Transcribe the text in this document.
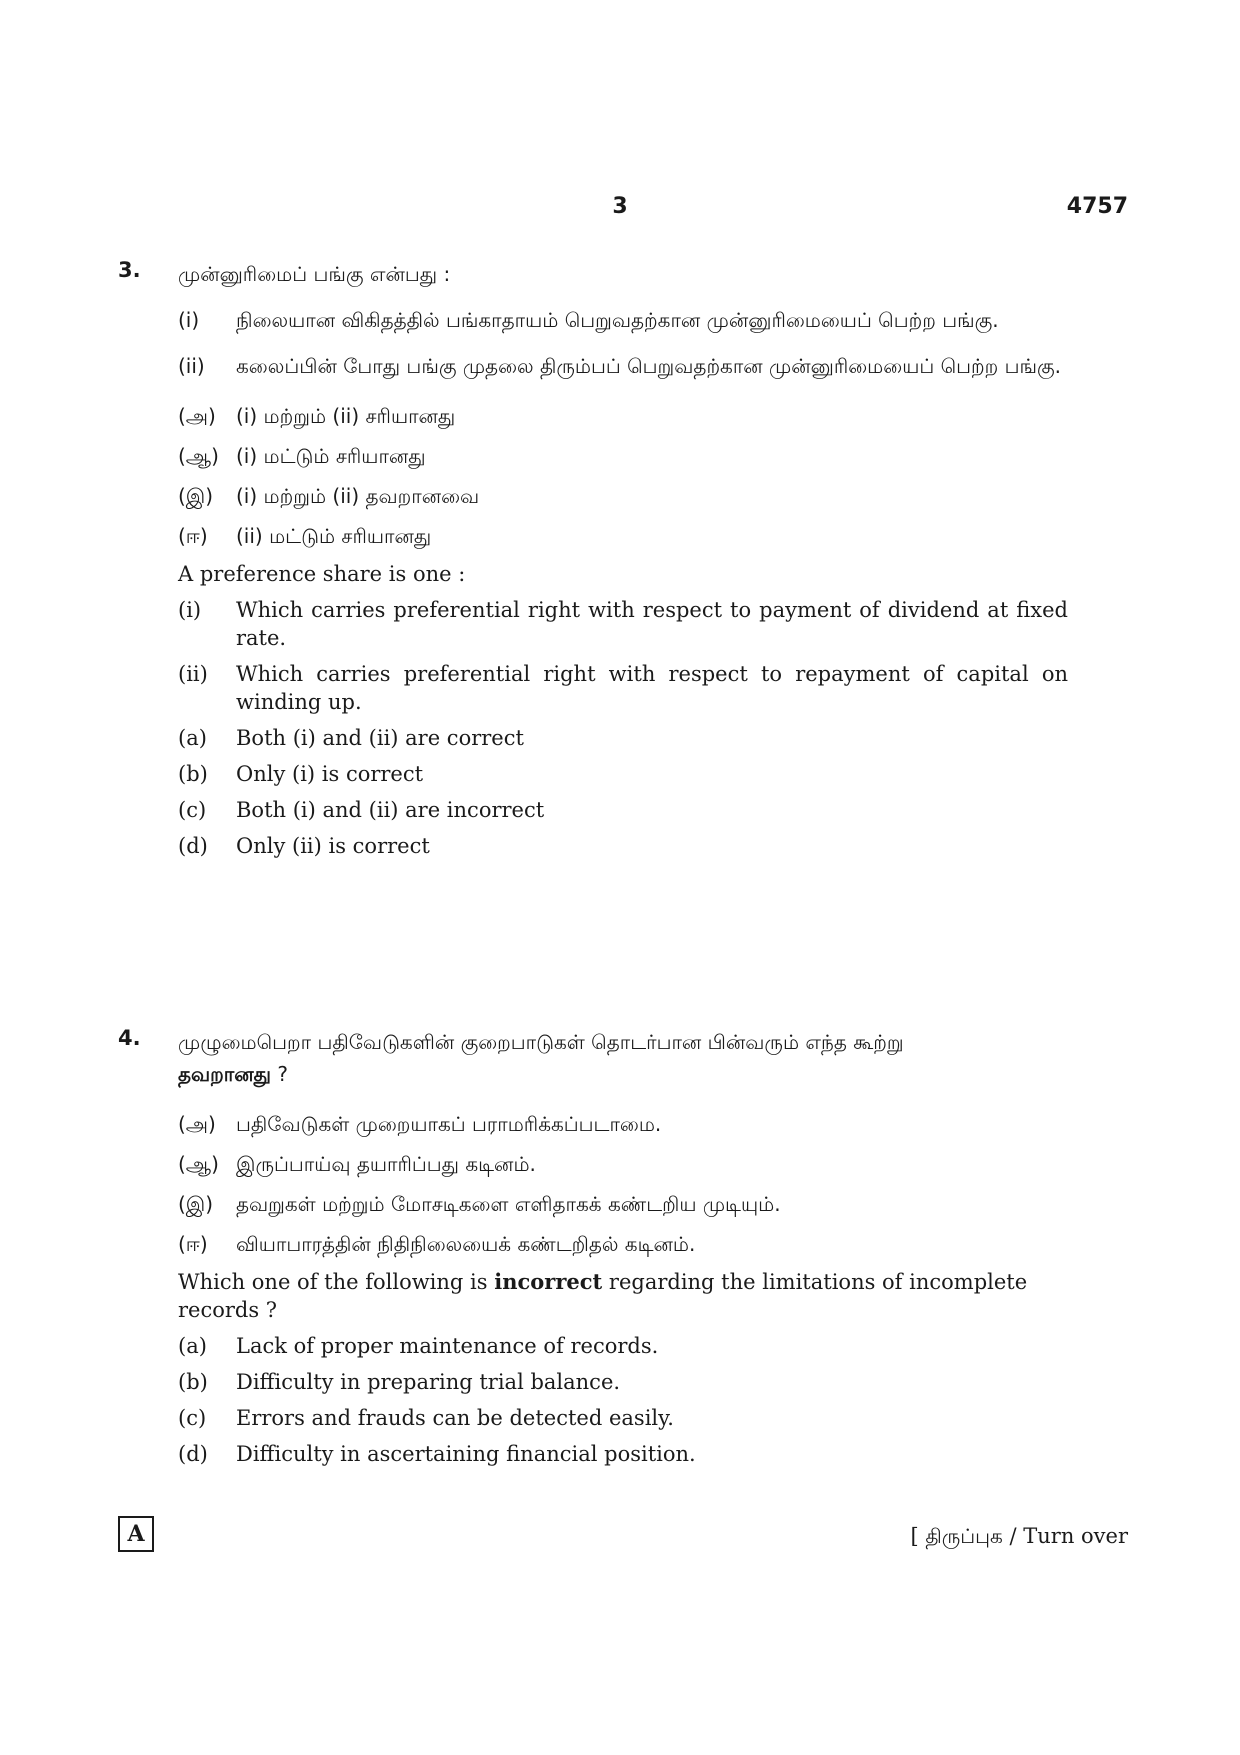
3	4757
3. முன்னுரிமைப் பங்கு என்பது :

(i)	நிலையான விகிதத்தில் பங்காதாயம் பெறுவதற்கான முன்னுரிமையைப் பெற்ற பங்கு.
(ii)	கலைப்பின் போது பங்கு முதலை திரும்பப் பெறுவதற்கான முன்னுரிமையைப் பெற்ற பங்கு.
(அ)	(i) மற்றும் (ii) சரியானது
(ஆ) (i) மட்டும் சரியானது
(இ)	(i) மற்றும் (ii) தவறானவை
(ஈ)	(ii) மட்டும் சரியானது

A preference share is one :

(i)	Which carries preferential right with respect to payment of dividend at fixed rate.
(ii)	Which carries preferential right with respect to repayment of capital on winding up.
(a)	Both (i) and (ii) are correct
(b)	Only (i) is correct
(c)	Both (i) and (ii) are incorrect
(d)	Only (ii) is correct
4. முழுமைபெறா பதிவேடுகளின் குறைபாடுகள் தொடர்பான பின்வரும் எந்த கூற்று
தவறானது ?

(அ)	பதிவேடுகள் முறையாகப் பராமரிக்கப்படாமை.
(ஆ) இருப்பாய்வு தயாரிப்பது கடினம்.
(இ)	தவறுகள் மற்றும் மோசடிகளை எளிதாகக் கண்டறிய முடியும்.
(ஈ)	வியாபாரத்தின் நிதிநிலையைக் கண்டறிதல் கடினம்.

Which one of the following is incorrect regarding the limitations of incomplete records ?

(a)	Lack of proper maintenance of records.
(b)	Difficulty in preparing trial balance.
(c)	Errors and frauds can be detected easily.
(d)	Difficulty in ascertaining financial position.
A	[ திருப்புக / Turn over
